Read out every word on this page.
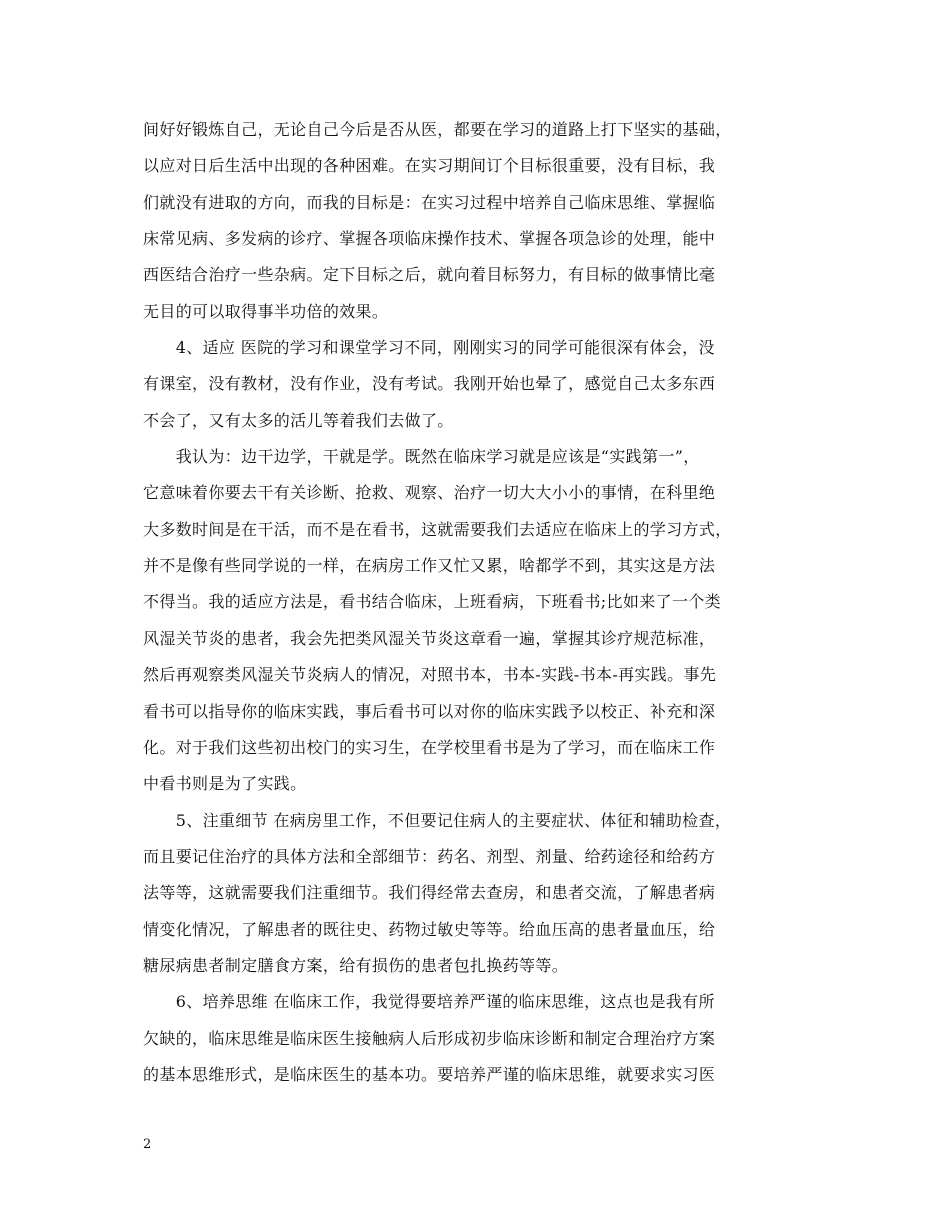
间好好锻炼自己，无论自己今后是否从医，都要在学习的道路上打下坚实的基础，
以应对日后生活中出现的各种困难。在实习期间订个目标很重要，没有目标，我
们就没有进取的方向，而我的目标是：在实习过程中培养自己临床思维、掌握临
床常见病、多发病的诊疗、掌握各项临床操作技术、掌握各项急诊的处理，能中
西医结合治疗一些杂病。定下目标之后，就向着目标努力，有目标的做事情比毫
无目的可以取得事半功倍的效果。
　　4、适应 医院的学习和课堂学习不同，刚刚实习的同学可能很深有体会，没
有课室，没有教材，没有作业，没有考试。我刚开始也晕了，感觉自己太多东西
不会了，又有太多的活儿等着我们去做了。
　　我认为：边干边学，干就是学。既然在临床学习就是应该是“实践第一”，
它意味着你要去干有关诊断、抢救、观察、治疗一切大大小小的事情，在科里绝
大多数时间是在干活，而不是在看书，这就需要我们去适应在临床上的学习方式，
并不是像有些同学说的一样，在病房工作又忙又累，啥都学不到，其实这是方法
不得当。我的适应方法是，看书结合临床，上班看病，下班看书;比如来了一个类
风湿关节炎的患者，我会先把类风湿关节炎这章看一遍，掌握其诊疗规范标准，
然后再观察类风湿关节炎病人的情况，对照书本，书本-实践-书本-再实践。事先
看书可以指导你的临床实践，事后看书可以对你的临床实践予以校正、补充和深
化。对于我们这些初出校门的实习生，在学校里看书是为了学习，而在临床工作
中看书则是为了实践。
　　5、注重细节 在病房里工作，不但要记住病人的主要症状、体征和辅助检查，
而且要记住治疗的具体方法和全部细节：药名、剂型、剂量、给药途径和给药方
法等等，这就需要我们注重细节。我们得经常去查房，和患者交流，了解患者病
情变化情况，了解患者的既往史、药物过敏史等等。给血压高的患者量血压，给
糖尿病患者制定膳食方案，给有损伤的患者包扎换药等等。
　　6、培养思维 在临床工作，我觉得要培养严谨的临床思维，这点也是我有所
欠缺的，临床思维是临床医生接触病人后形成初步临床诊断和制定合理治疗方案
的基本思维形式，是临床医生的基本功。要培养严谨的临床思维，就要求实习医
2
